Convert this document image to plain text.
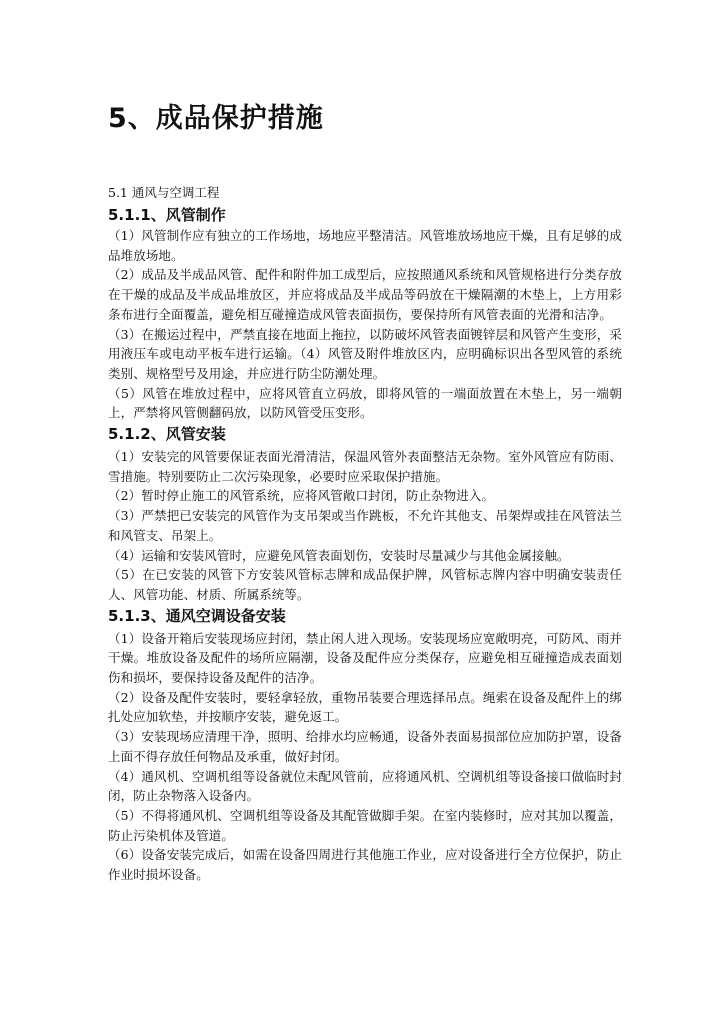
5、成品保护措施

5.1 通风与空调工程

5.1.1、风管制作

（1）风管制作应有独立的工作场地，场地应平整清洁。风管堆放场地应干燥，且有足够的成品堆放场地。

（2）成品及半成品风管、配件和附件加工成型后，应按照通风系统和风管规格进行分类存放在干燥的成品及半成品堆放区，并应将成品及半成品等码放在干燥隔潮的木垫上，上方用彩条布进行全面覆盖，避免相互碰撞造成风管表面损伤，要保持所有风管表面的光滑和洁净。

（3）在搬运过程中，严禁直接在地面上拖拉，以防破坏风管表面镀锌层和风管产生变形，采用液压车或电动平板车进行运输。（4）风管及附件堆放区内，应明确标识出各型风管的系统类别、规格型号及用途，并应进行防尘防潮处理。

（5）风管在堆放过程中，应将风管直立码放，即将风管的一端面放置在木垫上，另一端朝上，严禁将风管侧翻码放，以防风管受压变形。

5.1.2、风管安装

（1）安装完的风管要保证表面光滑清洁，保温风管外表面整洁无杂物。室外风管应有防雨、雪措施。特别要防止二次污染现象，必要时应采取保护措施。

（2）暂时停止施工的风管系统，应将风管敞口封闭，防止杂物进入。

（3）严禁把已安装完的风管作为支吊架或当作跳板，不允许其他支、吊架焊或挂在风管法兰和风管支、吊架上。

（4）运输和安装风管时，应避免风管表面划伤，安装时尽量减少与其他金属接触。

（5）在已安装的风管下方安装风管标志牌和成品保护牌，风管标志牌内容中明确安装责任人、风管功能、材质、所属系统等。

5.1.3、通风空调设备安装

（1）设备开箱后安装现场应封闭，禁止闲人进入现场。安装现场应宽敞明亮，可防风、雨并干燥。堆放设备及配件的场所应隔潮，设备及配件应分类保存，应避免相互碰撞造成表面划伤和损坏，要保持设备及配件的洁净。

（2）设备及配件安装时，要轻拿轻放，重物吊装要合理选择吊点。绳索在设备及配件上的绑扎处应加软垫，并按顺序安装，避免返工。

（3）安装现场应清理干净，照明、给排水均应畅通，设备外表面易损部位应加防护罩，设备上面不得存放任何物品及承重，做好封闭。

（4）通风机、空调机组等设备就位未配风管前，应将通风机、空调机组等设备接口做临时封闭，防止杂物落入设备内。

（5）不得将通风机、空调机组等设备及其配管做脚手架。在室内装修时，应对其加以覆盖，防止污染机体及管道。

（6）设备安装完成后，如需在设备四周进行其他施工作业，应对设备进行全方位保护，防止作业时损坏设备。
